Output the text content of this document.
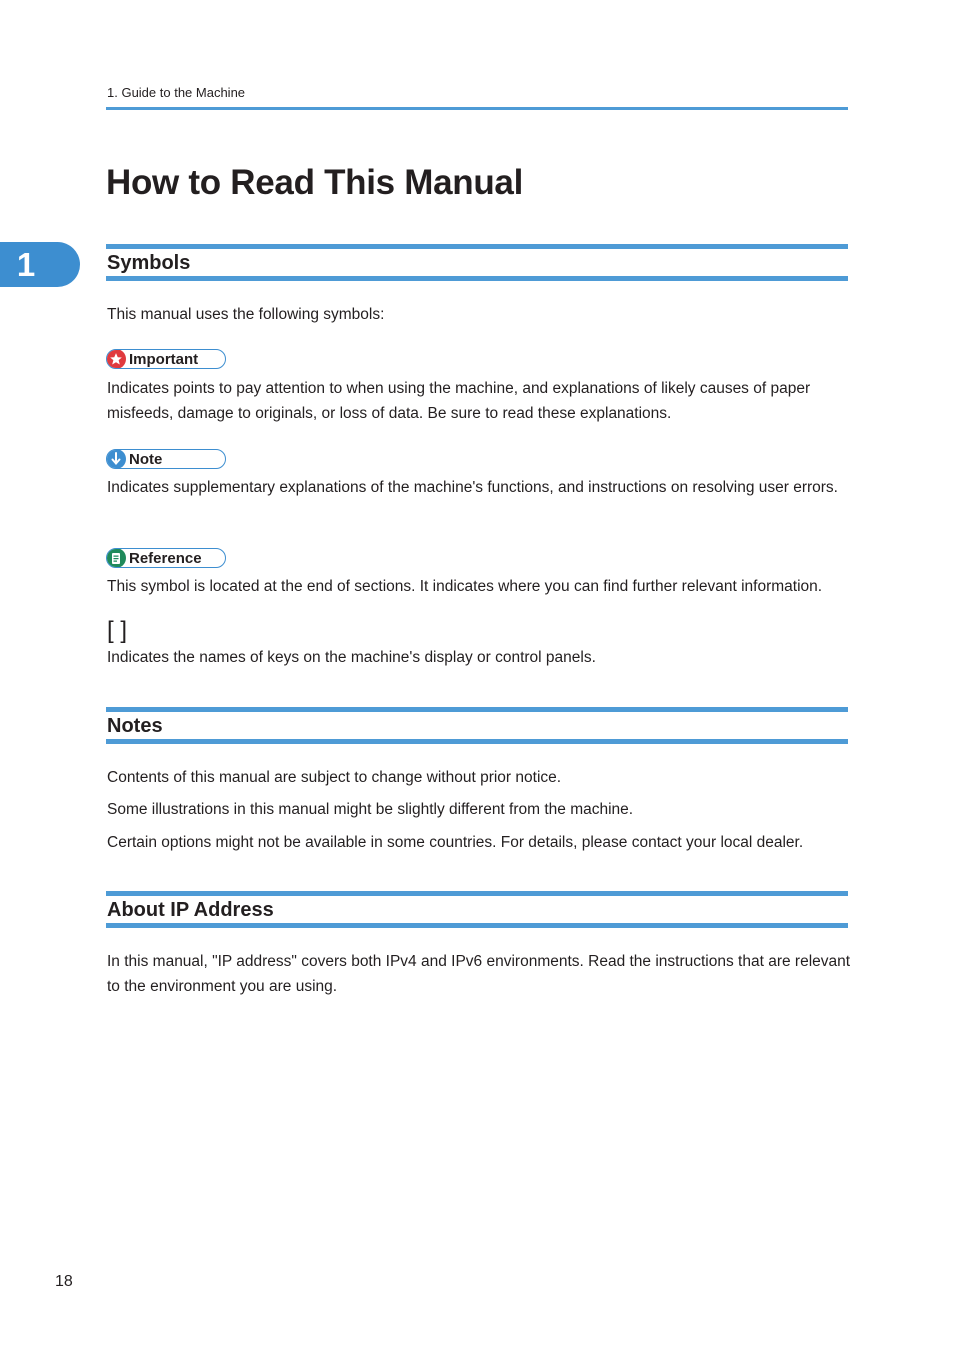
1. Guide to the Machine
How to Read This Manual
1	Symbols

This manual uses the following symbols:

Important

Indicates points to pay attention to when using the machine, and explanations of likely causes of paper misfeeds, damage to originals, or loss of data. Be sure to read these explanations.

Note

Indicates supplementary explanations of the machine's functions, and instructions on resolving user errors.

Reference

This symbol is located at the end of sections. It indicates where you can find further relevant information.

[ ]

Indicates the names of keys on the machine's display or control panels.

Notes

Contents of this manual are subject to change without prior notice.

Some illustrations in this manual might be slightly different from the machine.

Certain options might not be available in some countries. For details, please contact your local dealer.

About IP Address

In this manual, "IP address" covers both IPv4 and IPv6 environments. Read the instructions that are relevant to the environment you are using.

18
